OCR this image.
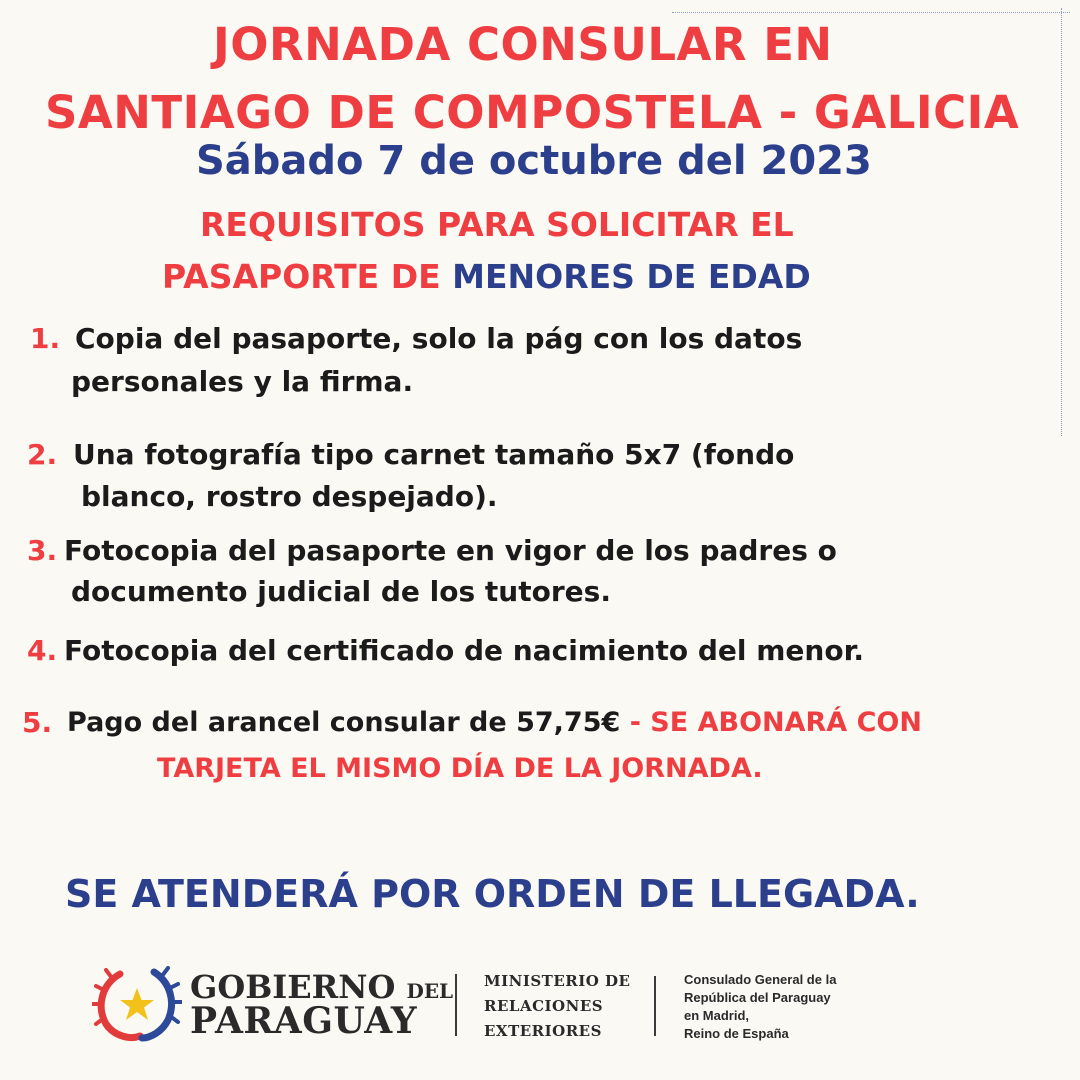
JORNADA CONSULAR EN

SANTIAGO DE COMPOSTELA - GALICIA

Sábado 7 de octubre del 2023

REQUISITOS PARA SOLICITAR EL

PASAPORTE DE MENORES DE EDAD

1. Copia del pasaporte, solo la pág con los datos
personales y la firma.
2. Una fotografía tipo carnet tamaño 5x7 (fondo
blanco, rostro despejado).
3. Fotocopia del pasaporte en vigor de los padres o
documento judicial de los tutores.
4. Fotocopia del certificado de nacimiento del menor.
5. Pago del arancel consular de 57,75€ - SE ABONARÁ CON
TARJETA EL MISMO DÍA DE LA JORNADA.

SE ATENDERÁ POR ORDEN DE LLEGADA.

GOBIERNO DEL

PARAGUAY

MINISTERIO DE

RELACIONES

EXTERIORES

Consulado General de la

República del Paraguay

en Madrid,

Reino de España
